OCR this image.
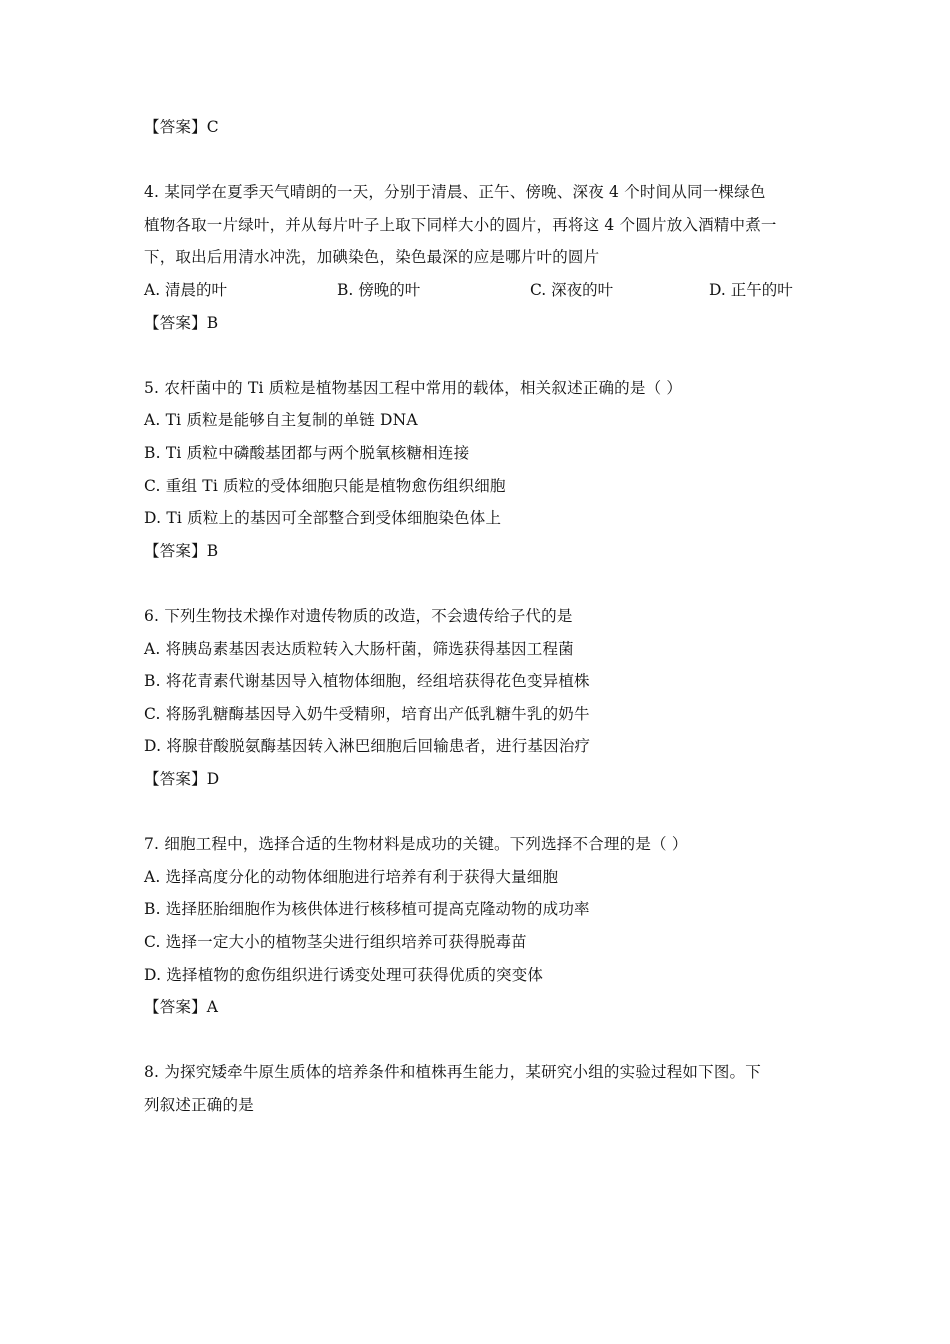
【答案】C
4. 某同学在夏季天气晴朗的一天，分别于清晨、正午、傍晚、深夜 4 个时间从同一棵绿色
植物各取一片绿叶，并从每片叶子上取下同样大小的圆片，再将这 4 个圆片放入酒精中煮一
下，取出后用清水冲洗，加碘染色，染色最深的应是哪片叶的圆片
A. 清晨的叶	B. 傍晚的叶	C. 深夜的叶	D. 正午的叶
【答案】B
5. 农杆菌中的 Ti 质粒是植物基因工程中常用的载体，相关叙述正确的是（ ）
A. Ti 质粒是能够自主复制的单链 DNA
B. Ti 质粒中磷酸基团都与两个脱氧核糖相连接
C. 重组 Ti 质粒的受体细胞只能是植物愈伤组织细胞
D. Ti 质粒上的基因可全部整合到受体细胞染色体上
【答案】B
6. 下列生物技术操作对遗传物质的改造，不会遗传给子代的是
A. 将胰岛素基因表达质粒转入大肠杆菌，筛选获得基因工程菌
B. 将花青素代谢基因导入植物体细胞，经组培获得花色变异植株
C. 将肠乳糖酶基因导入奶牛受精卵，培育出产低乳糖牛乳的奶牛
D. 将腺苷酸脱氨酶基因转入淋巴细胞后回输患者，进行基因治疗
【答案】D
7. 细胞工程中，选择合适的生物材料是成功的关键。下列选择不合理的是（ ）
A. 选择高度分化的动物体细胞进行培养有利于获得大量细胞
B. 选择胚胎细胞作为核供体进行核移植可提高克隆动物的成功率
C. 选择一定大小的植物茎尖进行组织培养可获得脱毒苗
D. 选择植物的愈伤组织进行诱变处理可获得优质的突变体
【答案】A
8. 为探究矮牵牛原生质体的培养条件和植株再生能力，某研究小组的实验过程如下图。下
列叙述正确的是
